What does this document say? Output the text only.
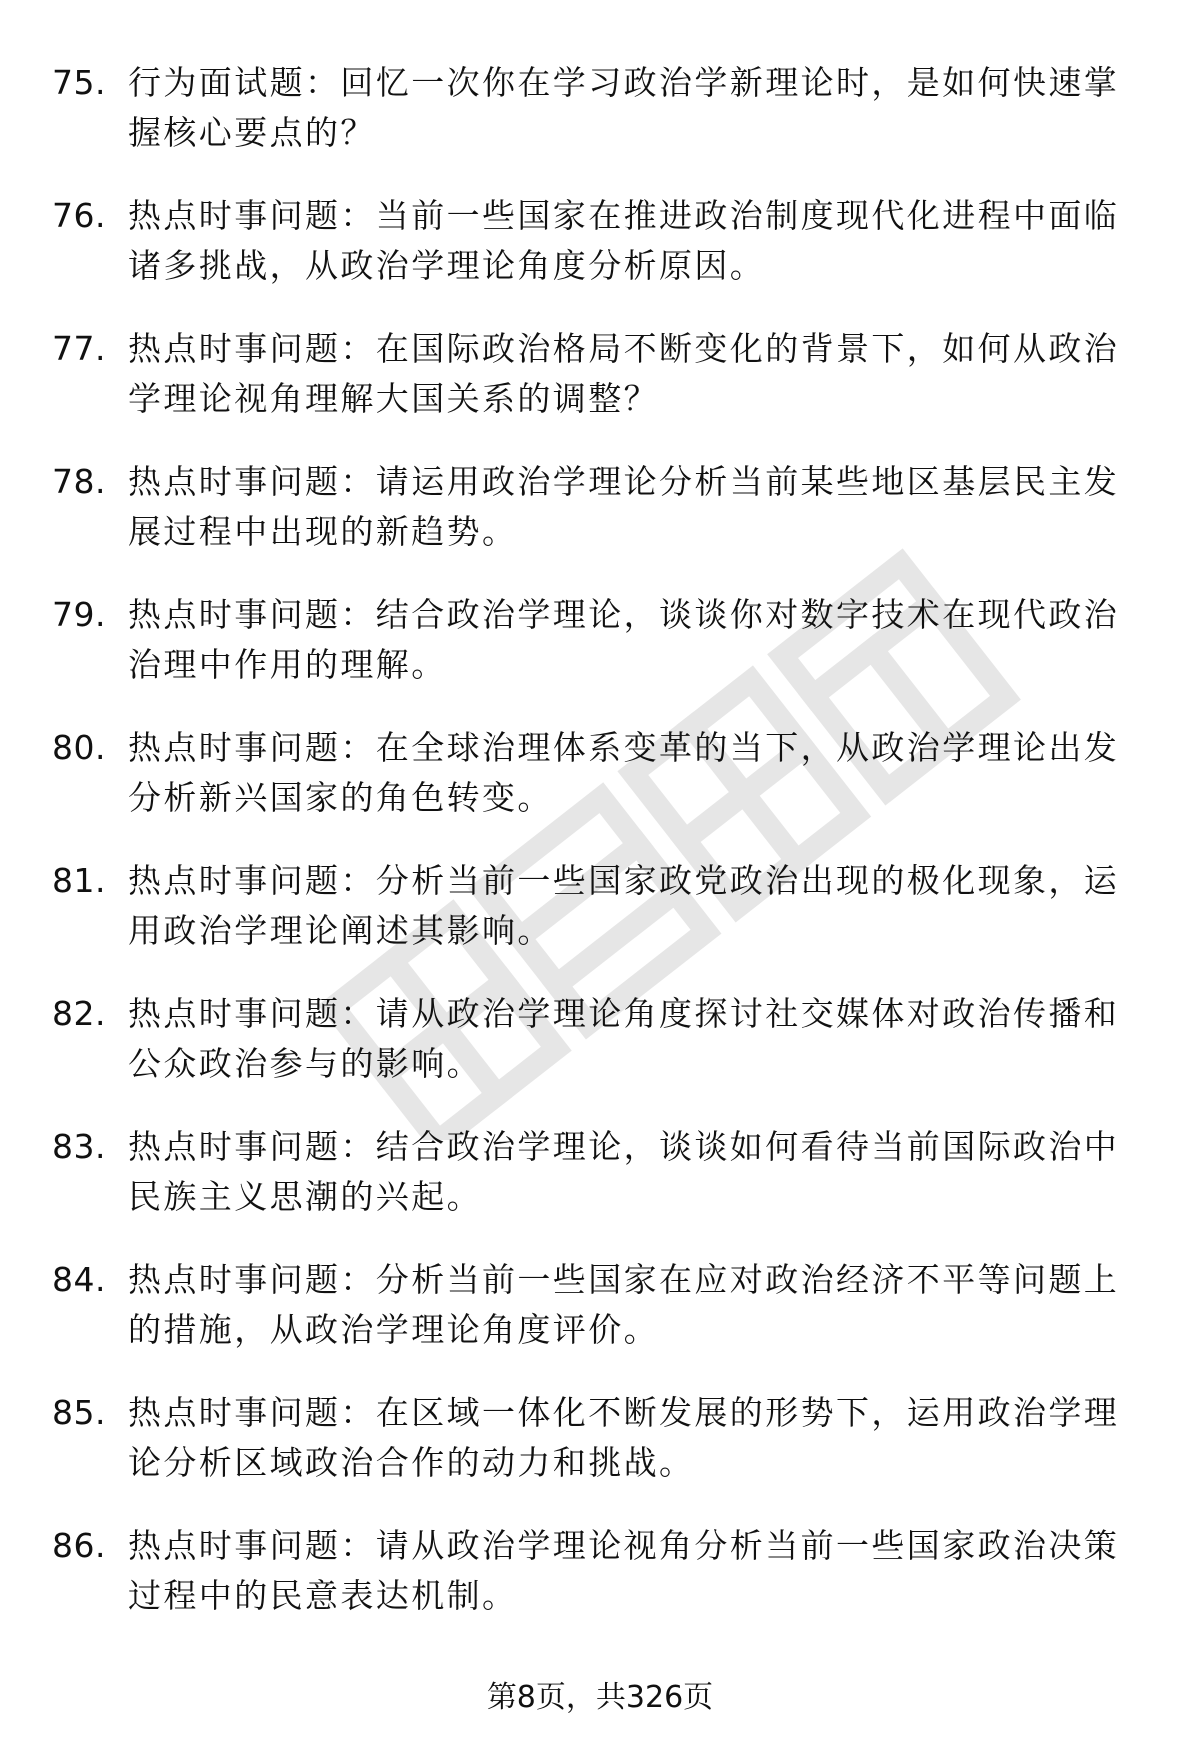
75. 行为面试题：回忆一次你在学习政治学新理论时，是如何快速掌握核心要点的？
76. 热点时事问题：当前一些国家在推进政治制度现代化进程中面临诸多挑战，从政治学理论角度分析原因。
77. 热点时事问题：在国际政治格局不断变化的背景下，如何从政治学理论视角理解大国关系的调整？
78. 热点时事问题：请运用政治学理论分析当前某些地区基层民主发展过程中出现的新趋势。
79. 热点时事问题：结合政治学理论，谈谈你对数字技术在现代政治治理中作用的理解。
80. 热点时事问题：在全球治理体系变革的当下，从政治学理论出发分析新兴国家的角色转变。
81. 热点时事问题：分析当前一些国家政党政治出现的极化现象，运用政治学理论阐述其影响。
82. 热点时事问题：请从政治学理论角度探讨社交媒体对政治传播和公众政治参与的影响。
83. 热点时事问题：结合政治学理论，谈谈如何看待当前国际政治中民族主义思潮的兴起。
84. 热点时事问题：分析当前一些国家在应对政治经济不平等问题上的措施，从政治学理论角度评价。
85. 热点时事问题：在区域一体化不断发展的形势下，运用政治学理论分析区域政治合作的动力和挑战。
86. 热点时事问题：请从政治学理论视角分析当前一些国家政治决策过程中的民意表达机制。
第8页，共326页
